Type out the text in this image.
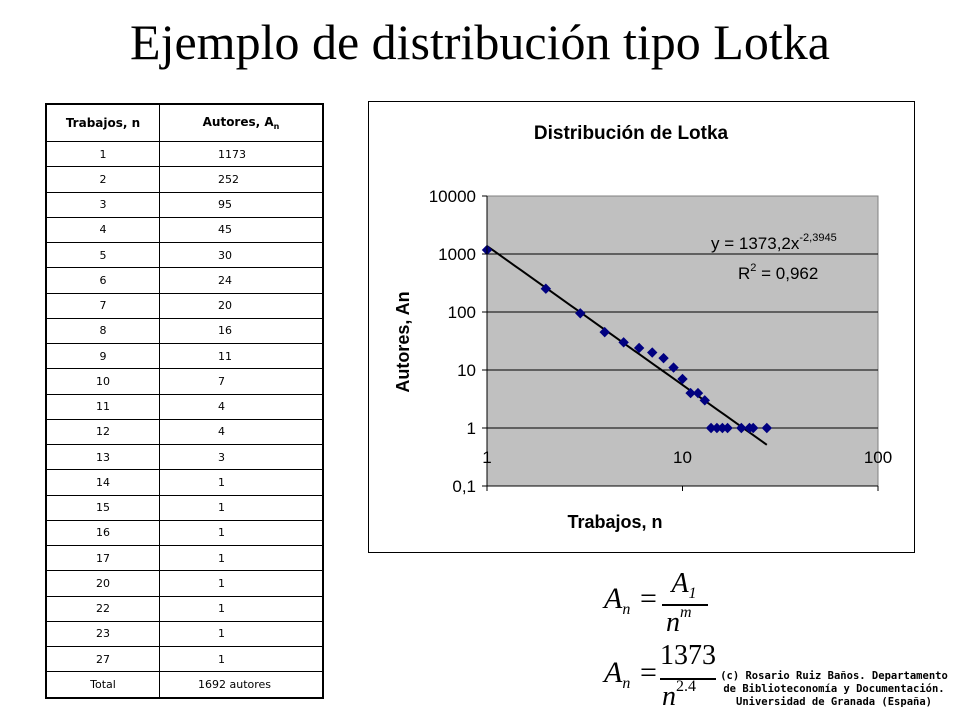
Ejemplo de distribución tipo Lotka
Trabajos, n	Autores, $A_n$
1	1173
2	252
3	95
4	45
5	30
6	24
7	20
8	16
9	11
10	7
11	4
12	4
13	3
14	1
15	1
16	1
17	1
20	1
22	1
23	1
27	1
Total	1692 autores
Distribución de Lotka
0,1
1
10
100
1000
10000
1	10	100
Trabajos, n
Autores, An
$y = 1373,2x^{-2,3945}$
$R^2 = 0,962$
$A_n = A_1$
$n^m$
$A_n$ =
1373
$n^{2.4}$
(c) Rosario Ruiz Baños. Departamento
de Biblioteconomía y Documentación.
Universidad de Granada (España)
